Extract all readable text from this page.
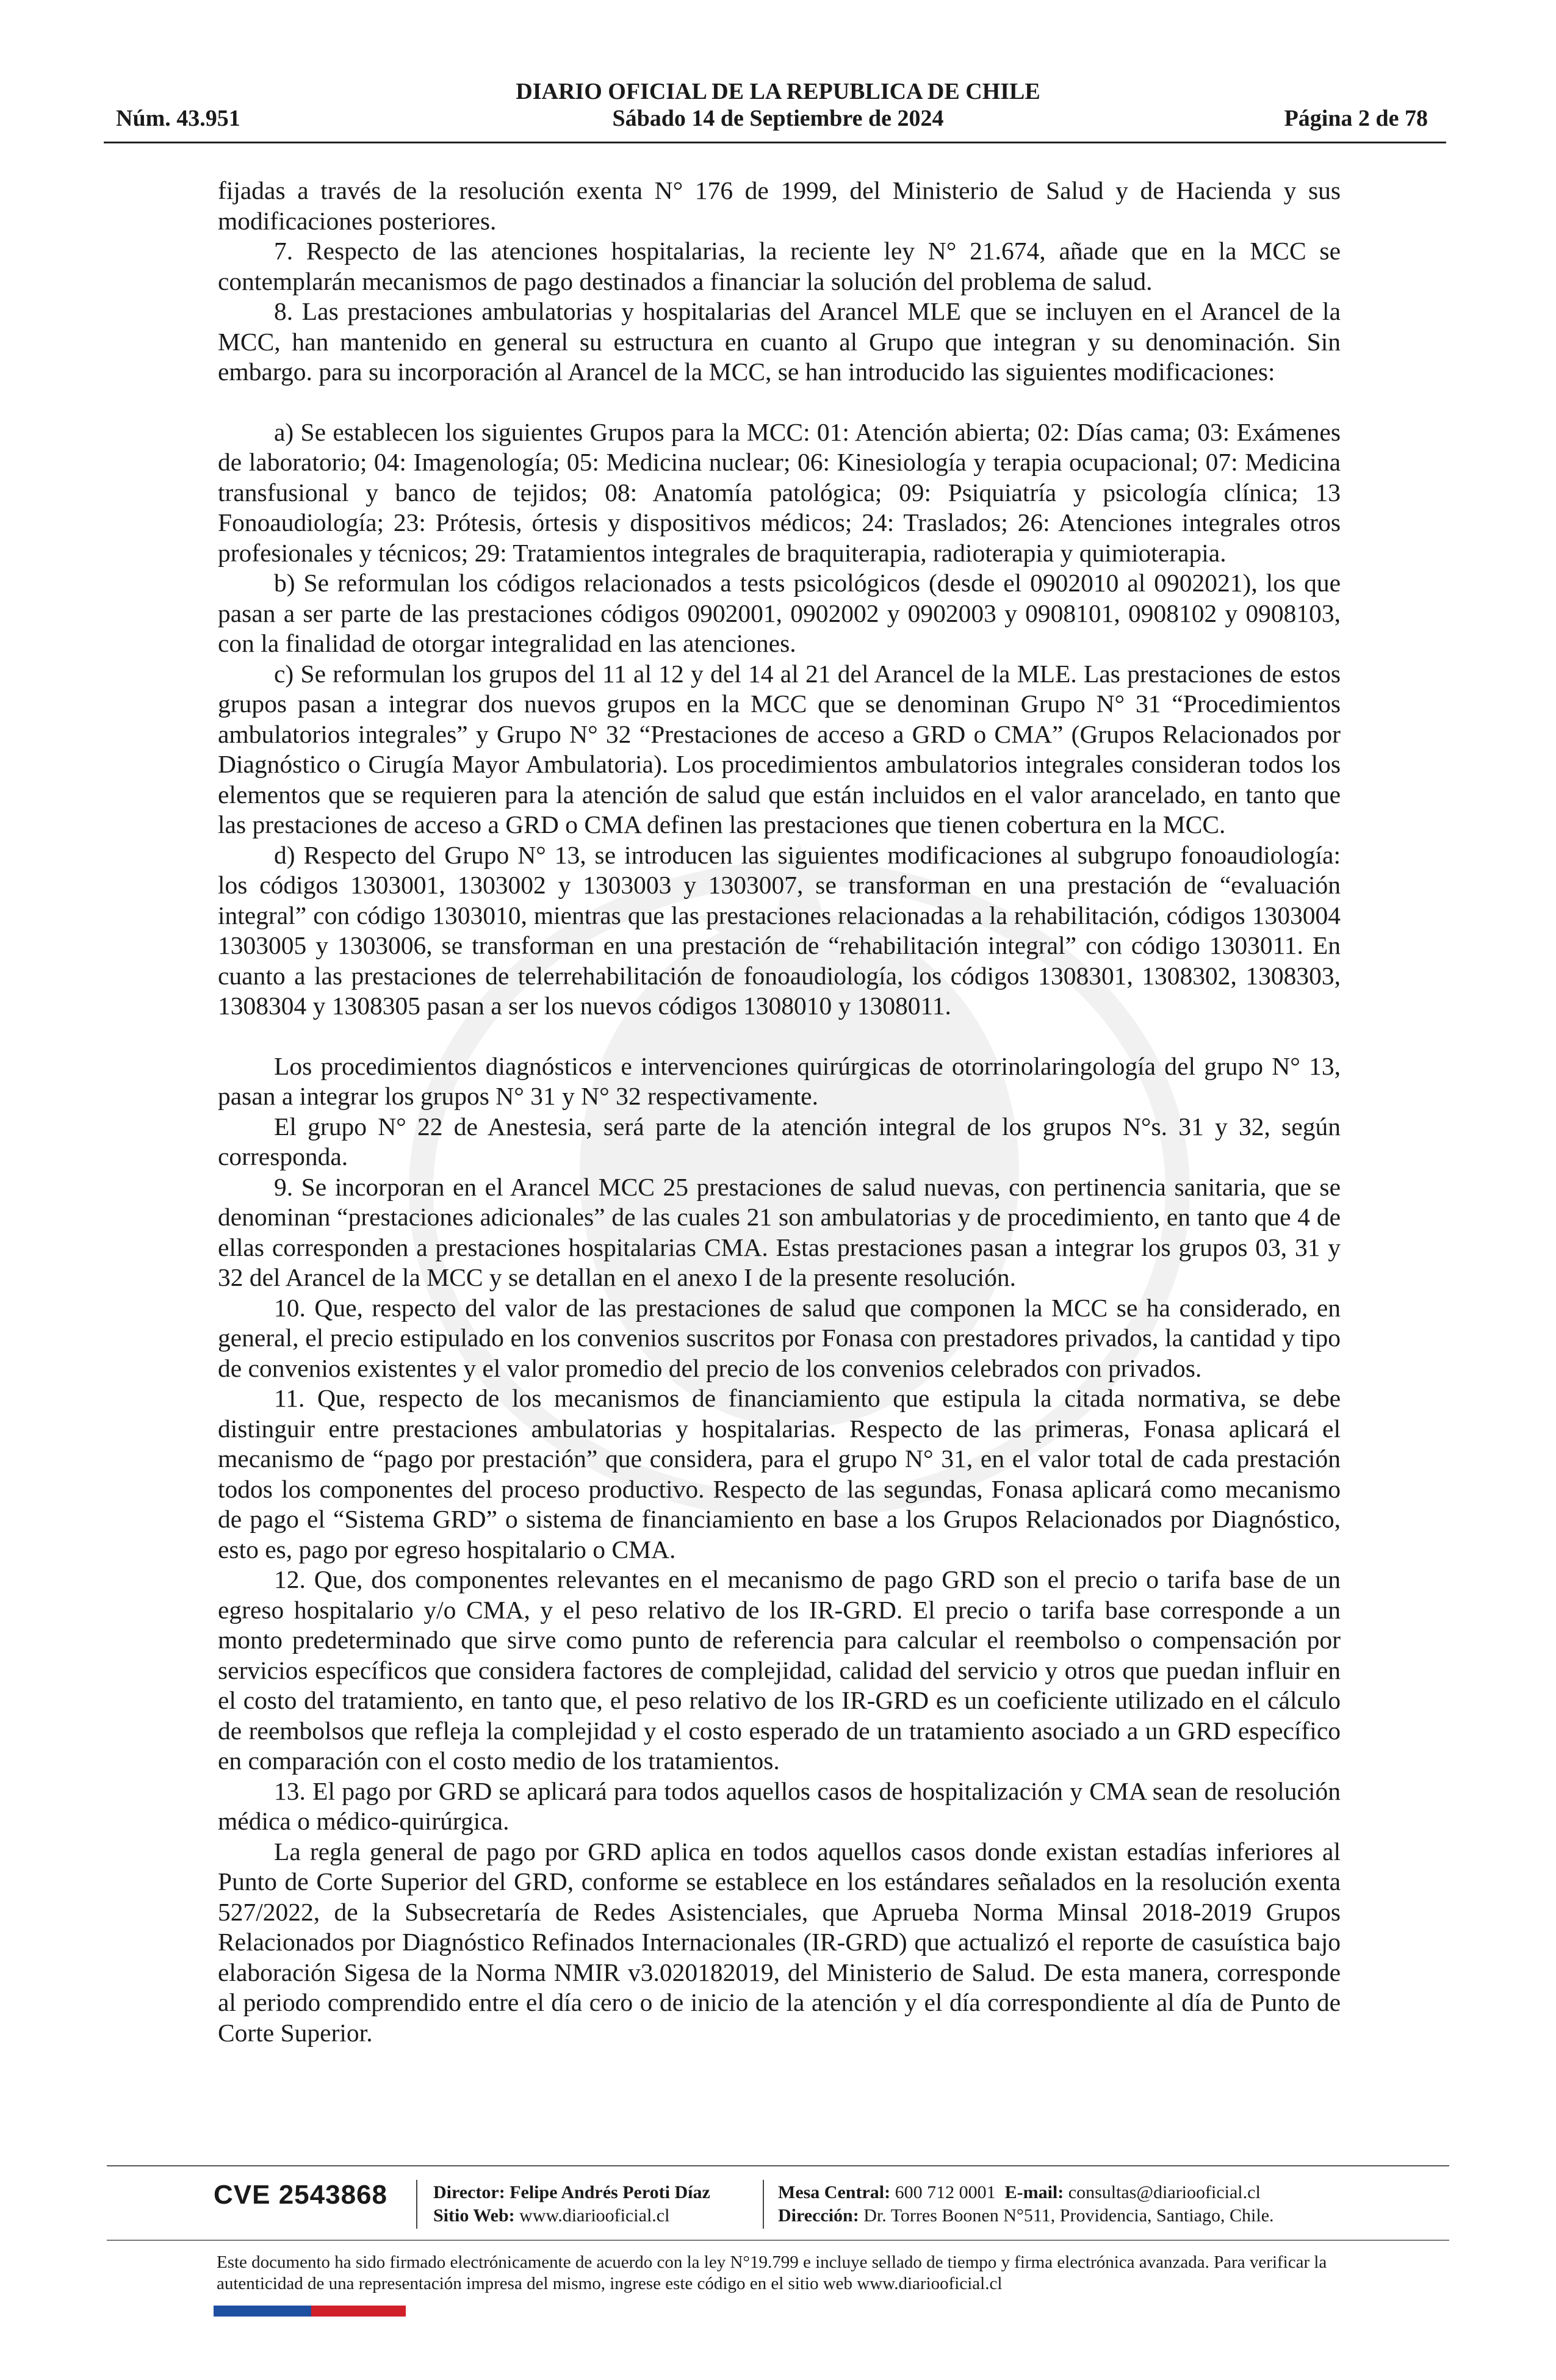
Núm. 43.951
DIARIO OFICIAL DE LA REPUBLICA DE CHILE
Sábado 14 de Septiembre de 2024	Página 2 de 78

fijadas a través de la resolución exenta N° 176 de 1999, del Ministerio de Salud y de Hacienda y sus modificaciones posteriores.

7. Respecto de las atenciones hospitalarias, la reciente ley N° 21.674, añade que en la MCC se contemplarán mecanismos de pago destinados a financiar la solución del problema de salud.

8. Las prestaciones ambulatorias y hospitalarias del Arancel MLE que se incluyen en el Arancel de la MCC, han mantenido en general su estructura en cuanto al Grupo que integran y su denominación. Sin embargo. para su incorporación al Arancel de la MCC, se han introducido las siguientes modificaciones:

a) Se establecen los siguientes Grupos para la MCC: 01: Atención abierta; 02: Días cama; 03: Exámenes de laboratorio; 04: Imagenología; 05: Medicina nuclear; 06: Kinesiología y terapia ocupacional; 07: Medicina transfusional y banco de tejidos; 08: Anatomía patológica; 09: Psiquiatría y psicología clínica; 13 Fonoaudiología; 23: Prótesis, órtesis y dispositivos médicos; 24: Traslados; 26: Atenciones integrales otros profesionales y técnicos; 29: Tratamientos integrales de braquiterapia, radioterapia y quimioterapia.

b) Se reformulan los códigos relacionados a tests psicológicos (desde el 0902010 al 0902021), los que pasan a ser parte de las prestaciones códigos 0902001, 0902002 y 0902003 y 0908101, 0908102 y 0908103, con la finalidad de otorgar integralidad en las atenciones.

c) Se reformulan los grupos del 11 al 12 y del 14 al 21 del Arancel de la MLE. Las prestaciones de estos grupos pasan a integrar dos nuevos grupos en la MCC que se denominan Grupo N° 31 “Procedimientos ambulatorios integrales” y Grupo N° 32 “Prestaciones de acceso a GRD o CMA” (Grupos Relacionados por Diagnóstico o Cirugía Mayor Ambulatoria). Los procedimientos ambulatorios integrales consideran todos los elementos que se requieren para la atención de salud que están incluidos en el valor arancelado, en tanto que las prestaciones de acceso a GRD o CMA definen las prestaciones que tienen cobertura en la MCC.

d) Respecto del Grupo N° 13, se introducen las siguientes modificaciones al subgrupo fonoaudiología: los códigos 1303001, 1303002 y 1303003 y 1303007, se transforman en una prestación de “evaluación integral” con código 1303010, mientras que las prestaciones relacionadas a la rehabilitación, códigos 1303004 1303005 y 1303006, se transforman en una prestación de “rehabilitación integral” con código 1303011. En cuanto a las prestaciones de telerrehabilitación de fonoaudiología, los códigos 1308301, 1308302, 1308303, 1308304 y 1308305 pasan a ser los nuevos códigos 1308010 y 1308011.

Los procedimientos diagnósticos e intervenciones quirúrgicas de otorrinolaringología del grupo N° 13, pasan a integrar los grupos N° 31 y N° 32 respectivamente.

El grupo N° 22 de Anestesia, será parte de la atención integral de los grupos N°s. 31 y 32, según corresponda.

9. Se incorporan en el Arancel MCC 25 prestaciones de salud nuevas, con pertinencia sanitaria, que se denominan “prestaciones adicionales” de las cuales 21 son ambulatorias y de procedimiento, en tanto que 4 de ellas corresponden a prestaciones hospitalarias CMA. Estas prestaciones pasan a integrar los grupos 03, 31 y 32 del Arancel de la MCC y se detallan en el anexo I de la presente resolución.

10. Que, respecto del valor de las prestaciones de salud que componen la MCC se ha considerado, en general, el precio estipulado en los convenios suscritos por Fonasa con prestadores privados, la cantidad y tipo de convenios existentes y el valor promedio del precio de los convenios celebrados con privados.

11. Que, respecto de los mecanismos de financiamiento que estipula la citada normativa, se debe distinguir entre prestaciones ambulatorias y hospitalarias. Respecto de las primeras, Fonasa aplicará el mecanismo de “pago por prestación” que considera, para el grupo N° 31, en el valor total de cada prestación todos los componentes del proceso productivo. Respecto de las segundas, Fonasa aplicará como mecanismo de pago el “Sistema GRD” o sistema de financiamiento en base a los Grupos Relacionados por Diagnóstico, esto es, pago por egreso hospitalario o CMA.

12. Que, dos componentes relevantes en el mecanismo de pago GRD son el precio o tarifa base de un egreso hospitalario y/o CMA, y el peso relativo de los IR-GRD. El precio o tarifa base corresponde a un monto predeterminado que sirve como punto de referencia para calcular el reembolso o compensación por servicios específicos que considera factores de complejidad, calidad del servicio y otros que puedan influir en el costo del tratamiento, en tanto que, el peso relativo de los IR-GRD es un coeficiente utilizado en el cálculo de reembolsos que refleja la complejidad y el costo esperado de un tratamiento asociado a un GRD específico en comparación con el costo medio de los tratamientos.

13. El pago por GRD se aplicará para todos aquellos casos de hospitalización y CMA sean de resolución médica o médico-quirúrgica.

La regla general de pago por GRD aplica en todos aquellos casos donde existan estadías inferiores al Punto de Corte Superior del GRD, conforme se establece en los estándares señalados en la resolución exenta 527/2022, de la Subsecretaría de Redes Asistenciales, que Aprueba Norma Minsal 2018-2019 Grupos Relacionados por Diagnóstico Refinados Internacionales (IR-GRD) que actualizó el reporte de casuística bajo elaboración Sigesa de la Norma NMIR v3.020182019, del Ministerio de Salud. De esta manera, corresponde al periodo comprendido entre el día cero o de inicio de la atención y el día correspondiente al día de Punto de Corte Superior.

CVE 2543868	Director: Felipe Andrés Peroti Díaz
Sitio Web: www.diariooficial.cl
Mesa Central: 600 712 0001 E-mail: consultas@diariooficial.cl
Dirección: Dr. Torres Boonen N°511, Providencia, Santiago, Chile.
Este documento ha sido firmado electrónicamente de acuerdo con la ley N°19.799 e incluye sellado de tiempo y firma electrónica avanzada. Para verificar la autenticidad de una representación impresa del mismo, ingrese este código en el sitio web www.diariooficial.cl
